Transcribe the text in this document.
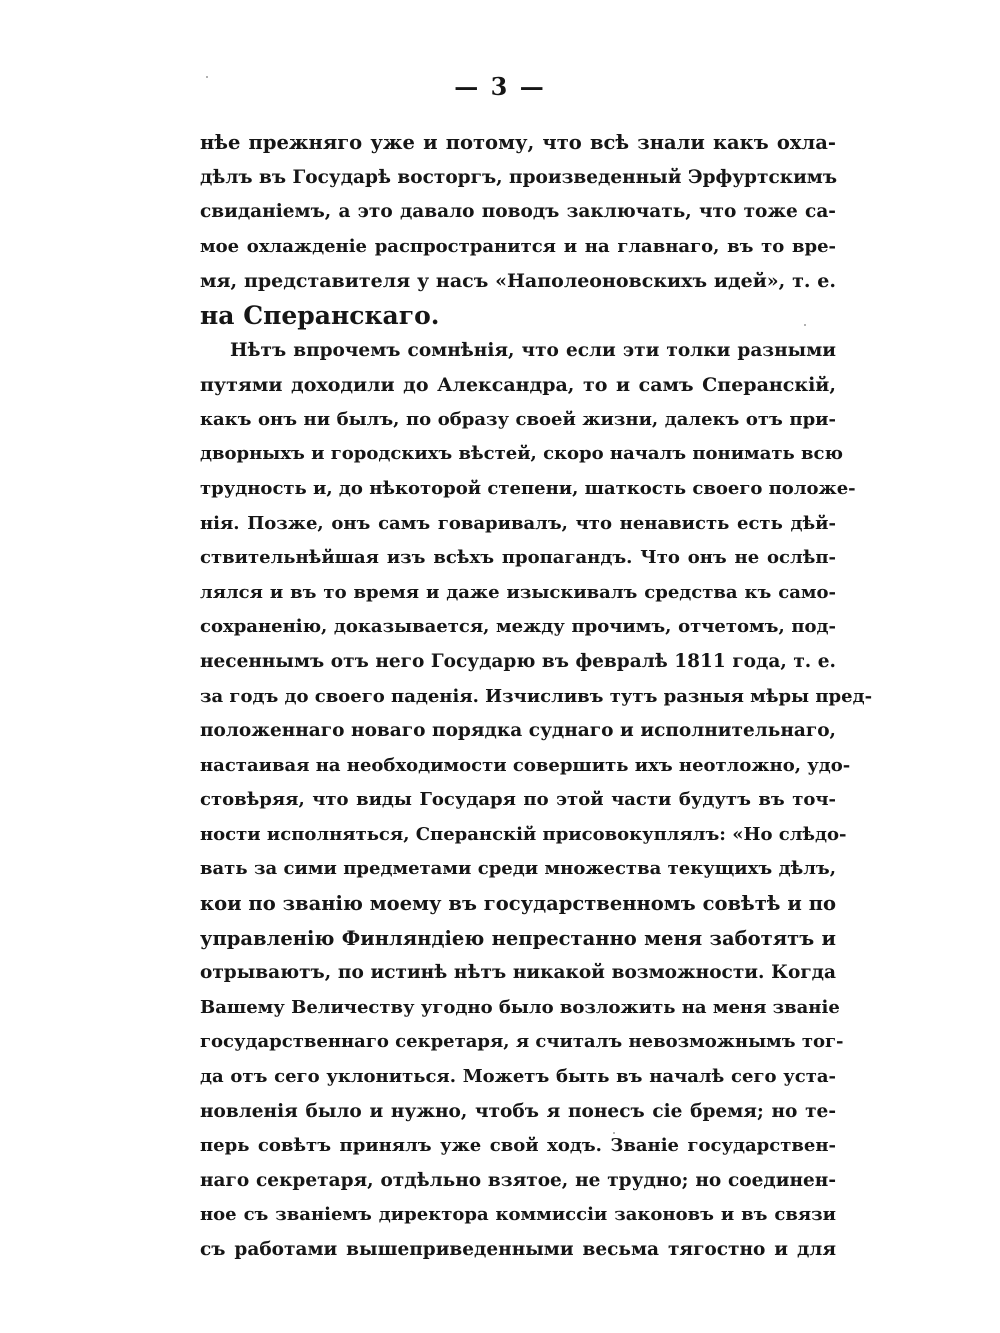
— 3 —
нѣе прежняго уже и потому, что всѣ знали какъ охла-
дѣлъ въ Государѣ восторгъ, произведенный Эрфуртскимъ
свиданіемъ, а это давало поводъ заключать, что тоже са-
мое охлажденіе распространится и на главнаго, въ то вре-
мя, представителя у насъ «Наполеоновскихъ идей», т. е.
на Сперанскаго.
Нѣтъ впрочемъ сомнѣнія, что если эти толки разными
путями доходили до Александра, то и самъ Сперанскій,
какъ онъ ни былъ, по образу своей жизни, далекъ отъ при-
дворныхъ и городскихъ вѣстей, скоро началъ понимать всю
трудность и, до нѣкоторой степени, шаткость своего положе-
нія. Позже, онъ самъ говаривалъ, что ненависть есть дѣй-
ствительнѣйшая изъ всѣхъ пропагандъ. Что онъ не ослѣп-
лялся и въ то время и даже изыскивалъ средства къ само-
сохраненію, доказывается, между прочимъ, отчетомъ, под-
несеннымъ отъ него Государю въ февралѣ 1811 года, т. е.
за годъ до своего паденія. Изчисливъ тутъ разныя мѣры пред-
положеннаго новаго порядка суднаго и исполнительнаго,
настаивая на необходимости совершить ихъ неотложно, удо-
стовѣряя, что виды Государя по этой части будутъ въ точ-
ности исполняться, Сперанскій присовокуплялъ: «Но слѣдо-
вать за сими предметами среди множества текущихъ дѣлъ,
кои по званію моему въ государственномъ совѣтѣ и по
управленію Финляндіею непрестанно меня заботятъ и
отрываютъ, по истинѣ нѣтъ никакой возможности. Когда
Вашему Величеству угодно было возложить на меня званіе
государственнаго секретаря, я считалъ невозможнымъ тог-
да отъ сего уклониться. Можетъ быть въ началѣ сего уста-
новленія было и нужно, чтобъ я понесъ сіе бремя; но те-
перь совѣтъ принялъ уже свой ходъ. Званіе государствен-
наго секретаря, отдѣльно взятое, не трудно; но соединен-
ное съ званіемъ директора коммиссіи законовъ и въ связи
съ работами вышеприведенными весьма тягостно и для
